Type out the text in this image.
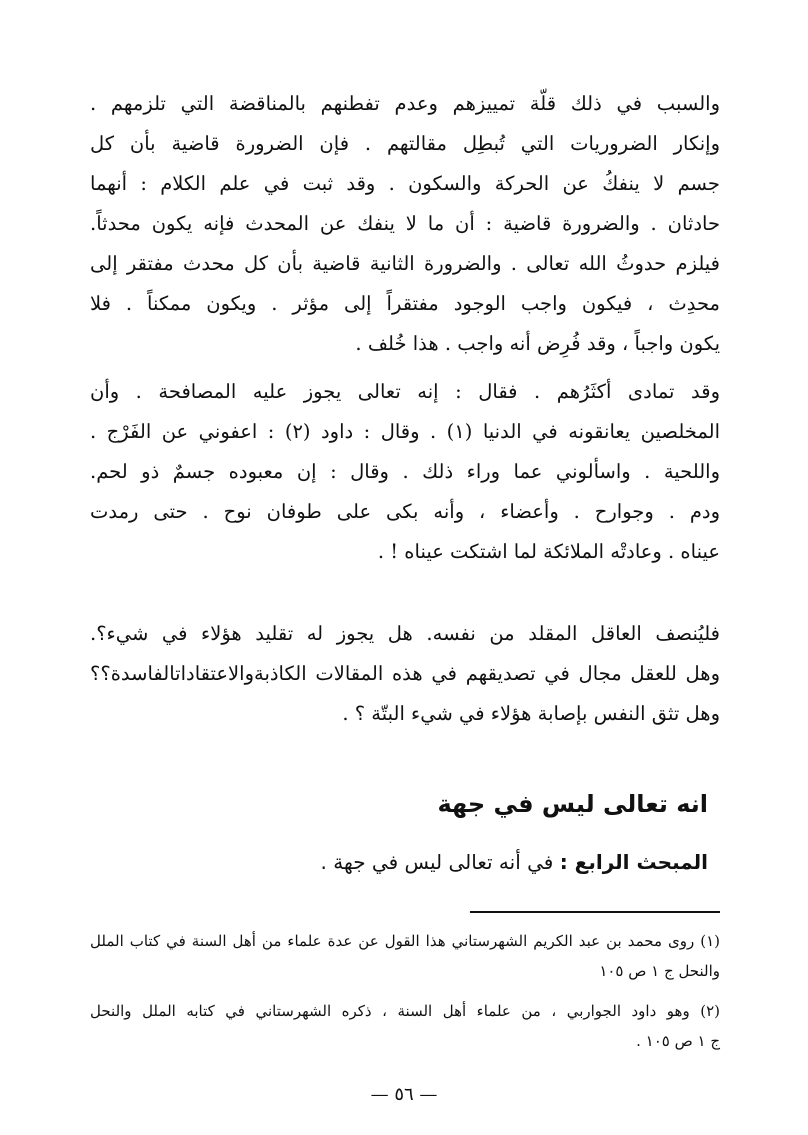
والسبب في ذلك قلّة تمييزهم وعدم تفطنهم بالمناقضة التي تلزمهم .
وإنكار الضروريات التي تُبطِل مقالتهم . فإن الضرورة قاضية بأن كل
جسم لا ينفكُ عن الحركة والسكون . وقد ثبت في علم الكلام : أنهما
حادثان . والضرورة قاضية : أن ما لا ينفك عن المحدث فإنه يكون محدثاً.
فيلزم حدوثُ الله تعالى . والضرورة الثانية قاضية بأن كل محدث مفتقر إلى
محدِث ، فيكون واجب الوجود مفتقراً إلى مؤثر . ويكون ممكناً . فلا
يكون واجباً ، وقد فُرِض أنه واجب . هذا خُلف .
وقد تمادى أكثَرُهم . فقال : إنه تعالى يجوز عليه المصافحة . وأن
المخلصين يعانقونه في الدنيا (١) . وقال : داود (٢) : اعفوني عن الفَرْج .
واللحية . واسألوني عما وراء ذلك . وقال : إن معبوده جسمٌ ذو لحم.
ودم . وجوارح . وأعضاء ، وأنه بكى على طوفان نوح . حتى رمدت
عيناه . وعادتْه الملائكة لما اشتكت عيناه ! .
فليُنصف العاقل المقلد من نفسه. هل يجوز له تقليد هؤلاء في شيء؟.
وهل للعقل مجال في تصديقهم في هذه المقالات الكاذبةوالاعتقاداتالفاسدة؟؟
وهل تثق النفس بإصابة هؤلاء في شيء البتّة ؟ .
انه تعالى ليس في جهة
المبحث الرابع : في أنه تعالى ليس في جهة .
(١) روى محمد بن عبد الكريم الشهرستاني هذا القول عن عدة علماء من أهل السنة في كتاب الملل
والنحل ج ١ ص ١٠٥
(٢) وهو داود الجواربي ، من علماء أهل السنة ، ذكره الشهرستاني في كتابه الملل والنحل
ج ١ ص ١٠٥ .
— ٥٦ —
